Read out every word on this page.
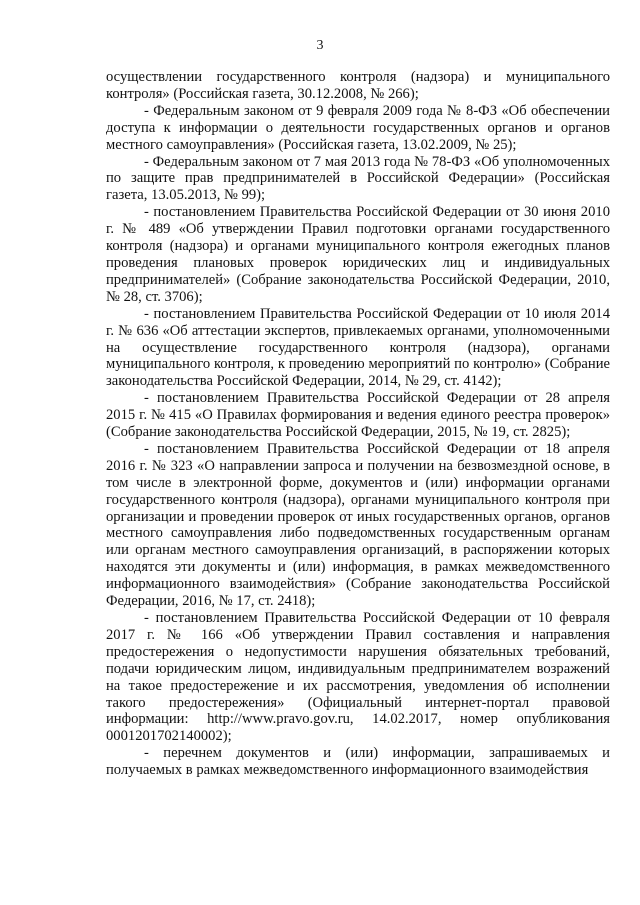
3

осуществлении государственного контроля (надзора) и муниципального контроля» (Российская газета, 30.12.2008, № 266);

- Федеральным законом от 9 февраля 2009 года № 8-ФЗ «Об обеспечении доступа к информации о деятельности государственных органов и органов местного самоуправления» (Российская газета, 13.02.2009, № 25);

- Федеральным законом от 7 мая 2013 года № 78-ФЗ «Об уполномоченных по защите прав предпринимателей в Российской Федерации» (Российская газета, 13.05.2013, № 99);

- постановлением Правительства Российской Федерации от 30 июня 2010 г. № 489 «Об утверждении Правил подготовки органами государственного контроля (надзора) и органами муниципального контроля ежегодных планов проведения плановых проверок юридических лиц и индивидуальных предпринимателей» (Собрание законодательства Российской Федерации, 2010, № 28, ст. 3706);

- постановлением Правительства Российской Федерации от 10 июля 2014 г. № 636 «Об аттестации экспертов, привлекаемых органами, уполномоченными на осуществление государственного контроля (надзора), органами муниципального контроля, к проведению мероприятий по контролю» (Собрание законодательства Российской Федерации, 2014, № 29, ст. 4142);

- постановлением Правительства Российской Федерации от 28 апреля 2015 г. № 415 «О Правилах формирования и ведения единого реестра проверок» (Собрание законодательства Российской Федерации, 2015, № 19, ст. 2825);

- постановлением Правительства Российской Федерации от 18 апреля 2016 г. № 323 «О направлении запроса и получении на безвозмездной основе, в том числе в электронной форме, документов и (или) информации органами государственного контроля (надзора), органами муниципального контроля при организации и проведении проверок от иных государственных органов, органов местного самоуправления либо подведомственных государственным органам или органам местного самоуправления организаций, в распоряжении которых находятся эти документы и (или) информация, в рамках межведомственного информационного взаимодействия» (Собрание законодательства Российской Федерации, 2016, № 17, ст. 2418);

- постановлением Правительства Российской Федерации от 10 февраля 2017 г. № 166 «Об утверждении Правил составления и направления предостережения о недопустимости нарушения обязательных требований, подачи юридическим лицом, индивидуальным предпринимателем возражений на такое предостережение и их рассмотрения, уведомления об исполнении такого предостережения» (Официальный интернет-портал правовой информации: http://www.pravo.gov.ru, 14.02.2017, номер опубликования 0001201702140002);

- перечнем документов и (или) информации, запрашиваемых и получаемых в рамках межведомственного информационного взаимодействия
